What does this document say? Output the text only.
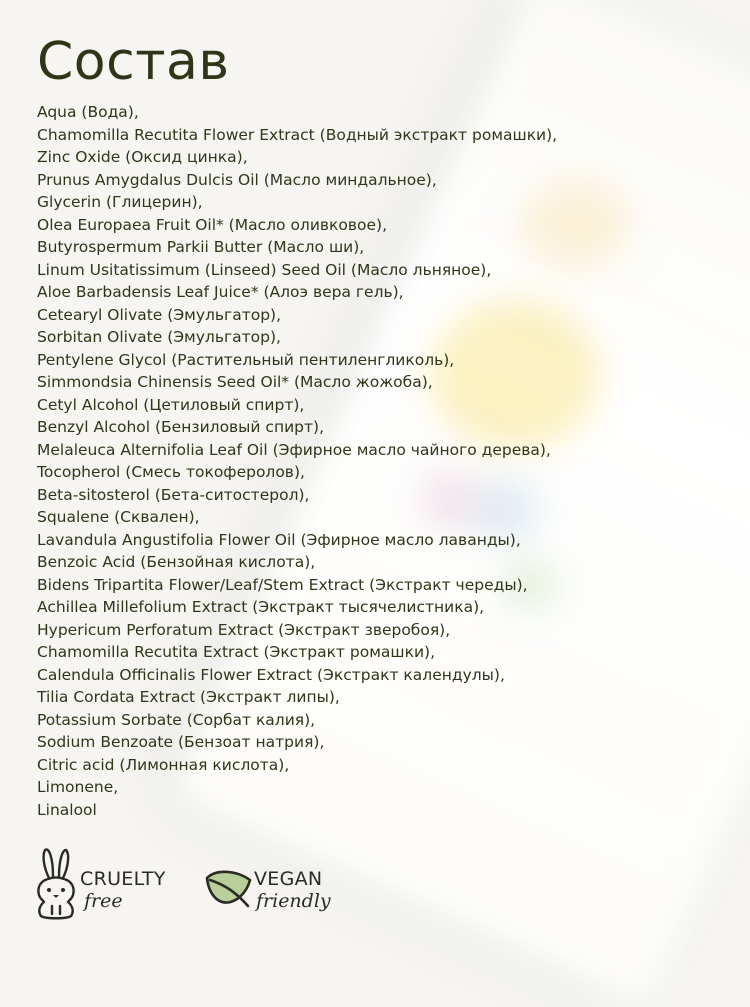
Состав
Aqua (Вода),
Chamomilla Recutita Flower Extract (Водный экстракт ромашки),
Zinc Oxide (Оксид цинка),
Prunus Amygdalus Dulcis Oil (Масло миндальное),
Glycerin (Глицерин),
Olea Europaea Fruit Oil* (Масло оливковое),
Butyrospermum Parkii Butter (Масло ши),
Linum Usitatissimum (Linseed) Seed Oil (Масло льняное),
Aloe Barbadensis Leaf Juice* (Алоэ вера гель),
Cetearyl Olivate (Эмульгатор),
Sorbitan Olivate (Эмульгатор),
Pentylene Glycol (Растительный пентиленгликоль),
Simmondsia Chinensis Seed Oil* (Масло жожоба),
Cetyl Alcohol (Цетиловый спирт),
Benzyl Alcohol (Бензиловый спирт),
Melaleuca Alternifolia Leaf Oil (Эфирное масло чайного дерева),
Tocopherol (Смесь токоферолов),
Beta-sitosterol (Бета-ситостерол),
Squalene (Сквален),
Lavandula Angustifolia Flower Oil (Эфирное масло лаванды),
Benzoic Acid (Бензойная кислота),
Bidens Tripartita Flower/Leaf/Stem Extract (Экстракт череды),
Achillea Millefolium Extract (Экстракт тысячелистника),
Hypericum Perforatum Extract (Экстракт зверобоя),
Chamomilla Recutita Extract (Экстракт ромашки),
Calendula Officinalis Flower Extract (Экстракт календулы),
Tilia Cordata Extract (Экстракт липы),
Potassium Sorbate (Сорбат калия),
Sodium Benzoate (Бензоат натрия),
Citric acid (Лимонная кислота),
Limonene,
Linalool
CRUELTY
free
VEGAN
friendly
